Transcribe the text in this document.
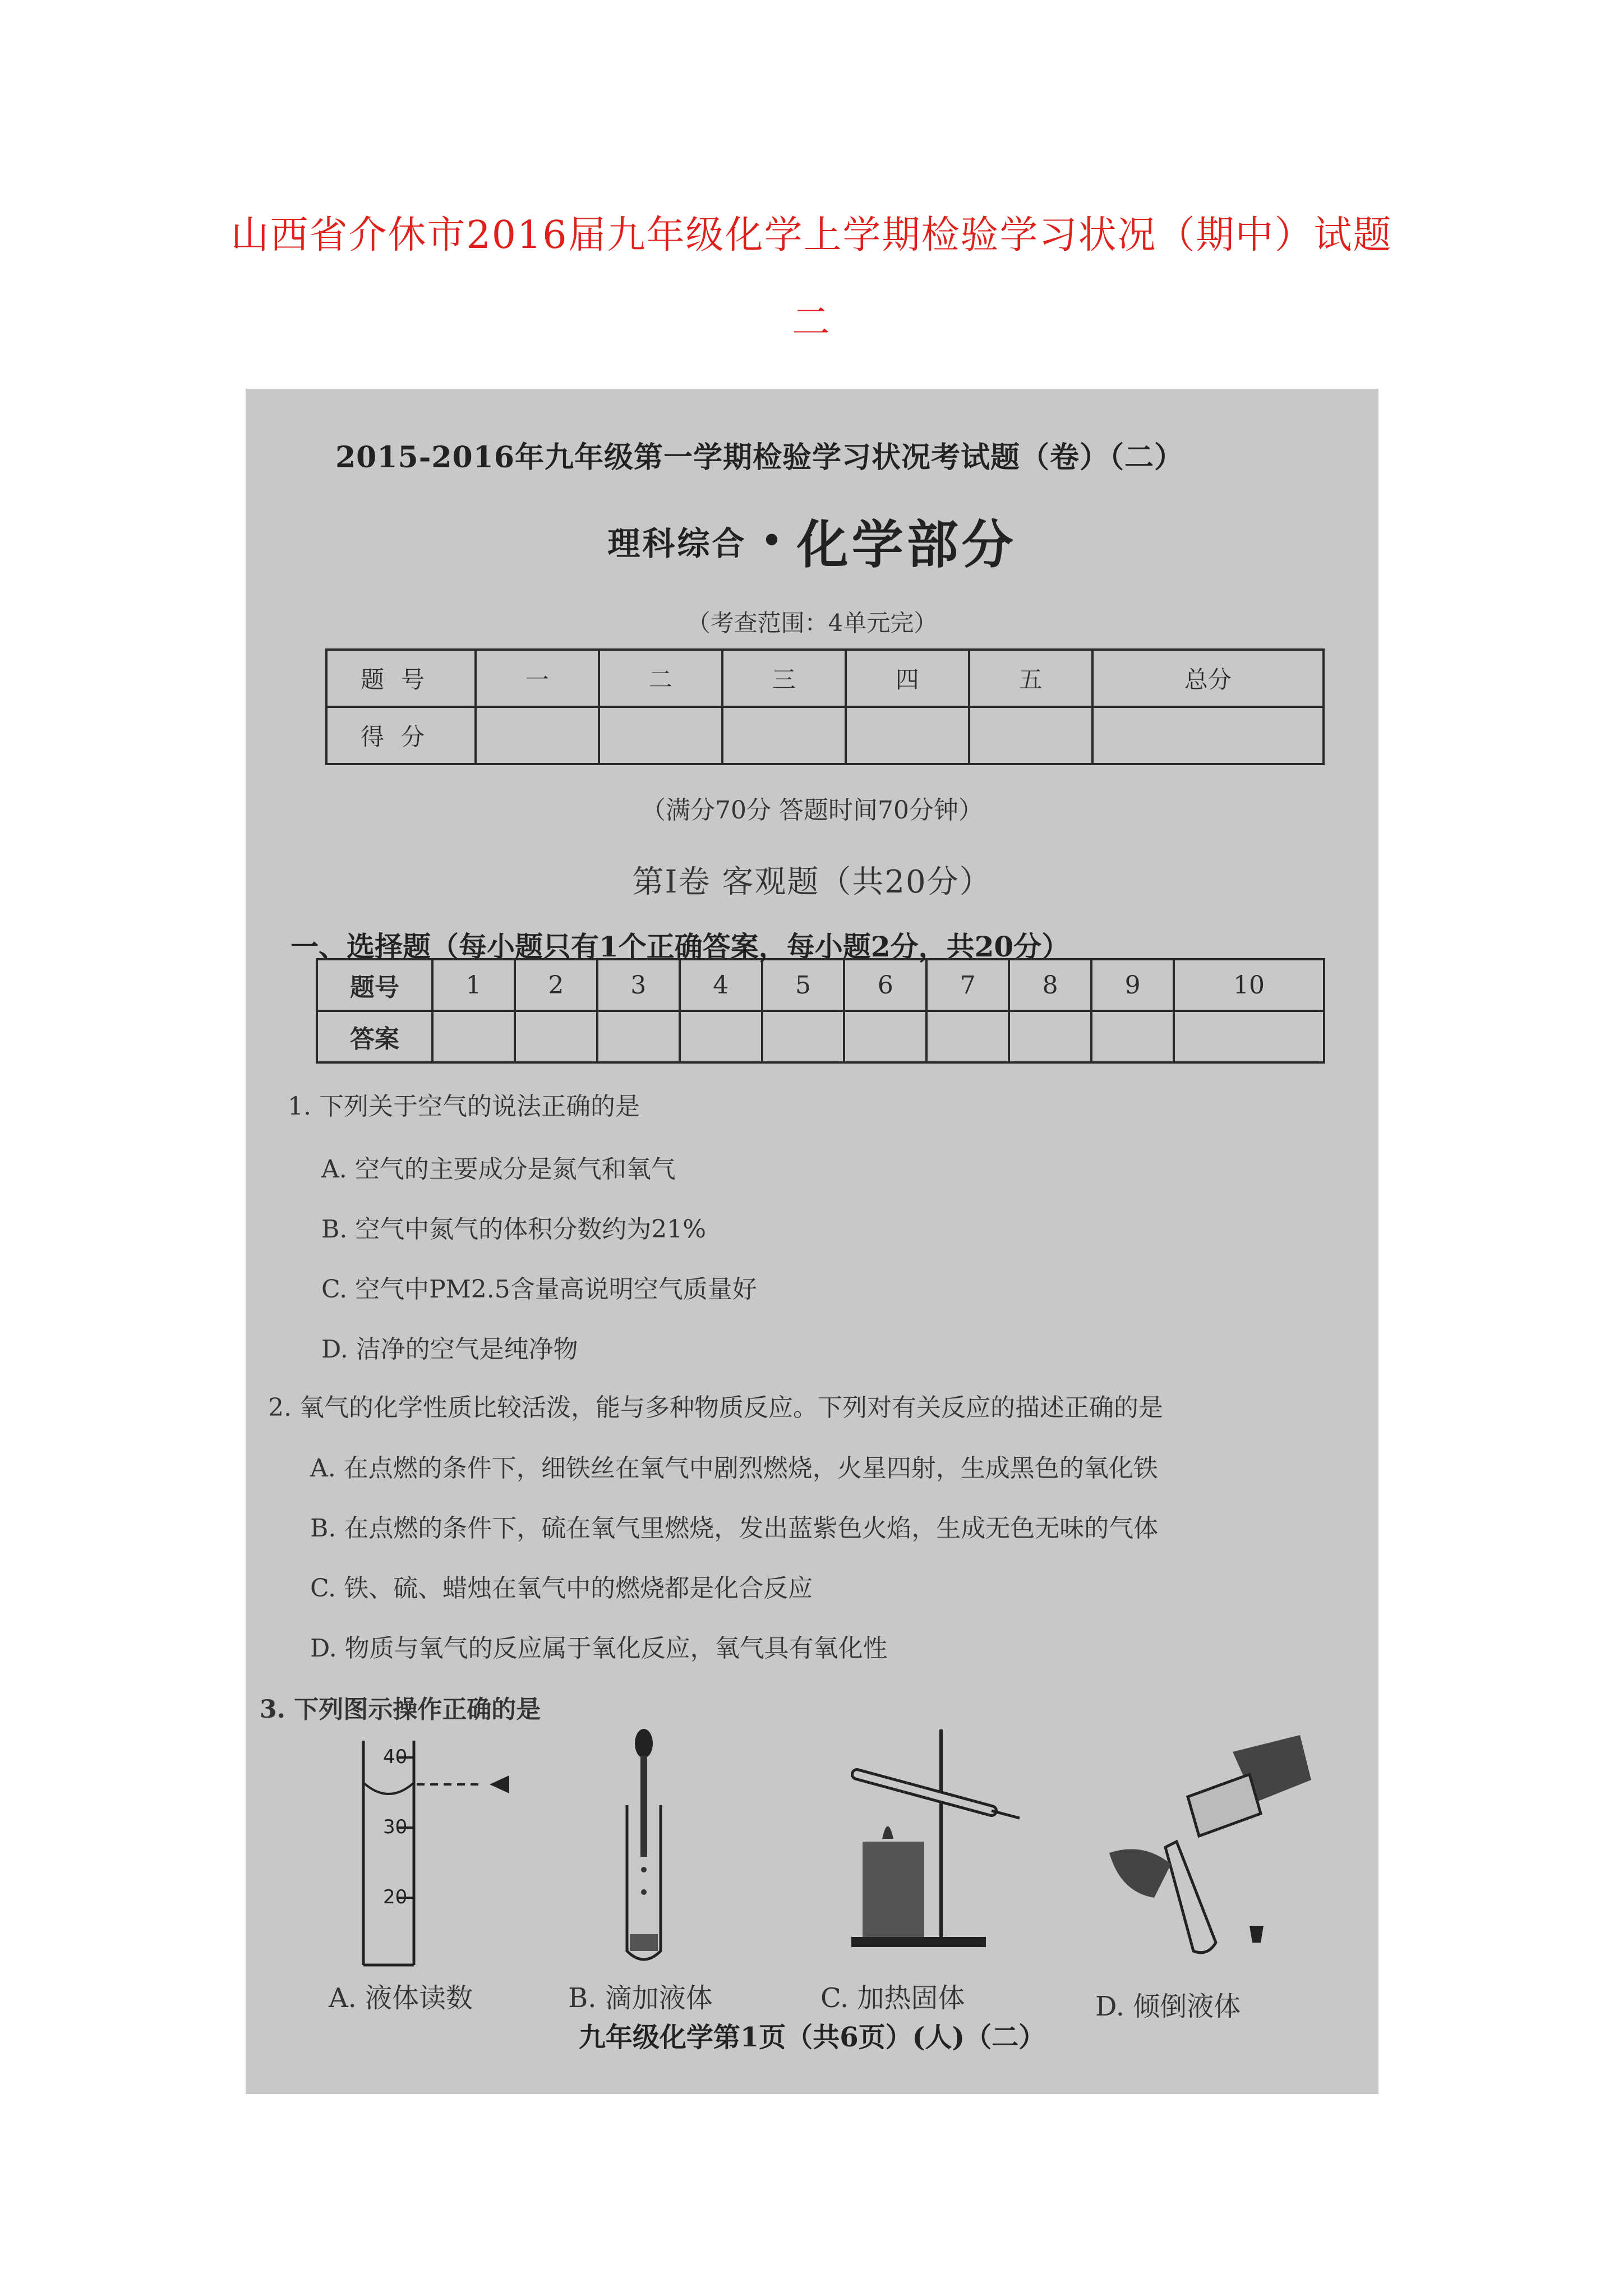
山西省介休市2016届九年级化学上学期检验学习状况（期中）试题
二
2015-2016年九年级第一学期检验学习状况考试题（卷）（二）
理科综合 • 化学部分
（考查范围：4单元完）
题号	一	二	三	四	五	总分
得分						
（满分70分 答题时间70分钟）
第Ⅰ卷 客观题（共20分）
一、选择题（每小题只有1个正确答案，每小题2分，共20分）
题号	1	2	3	4	5	6	7	8	9	10
答案										
1. 下列关于空气的说法正确的是
A. 空气的主要成分是氮气和氧气
B. 空气中氮气的体积分数约为21%
C. 空气中PM2.5含量高说明空气质量好
D. 洁净的空气是纯净物
2. 氧气的化学性质比较活泼，能与多种物质反应。下列对有关反应的描述正确的是
A. 在点燃的条件下，细铁丝在氧气中剧烈燃烧，火星四射，生成黑色的氧化铁
B. 在点燃的条件下，硫在氧气里燃烧，发出蓝紫色火焰，生成无色无味的气体
C. 铁、硫、蜡烛在氧气中的燃烧都是化合反应
D. 物质与氧气的反应属于氧化反应，氧气具有氧化性
3. 下列图示操作正确的是
40
30
20
A. 液体读数	B. 滴加液体	C. 加热固体	D. 倾倒液体
九年级化学第1页（共6页）(人)（二）
